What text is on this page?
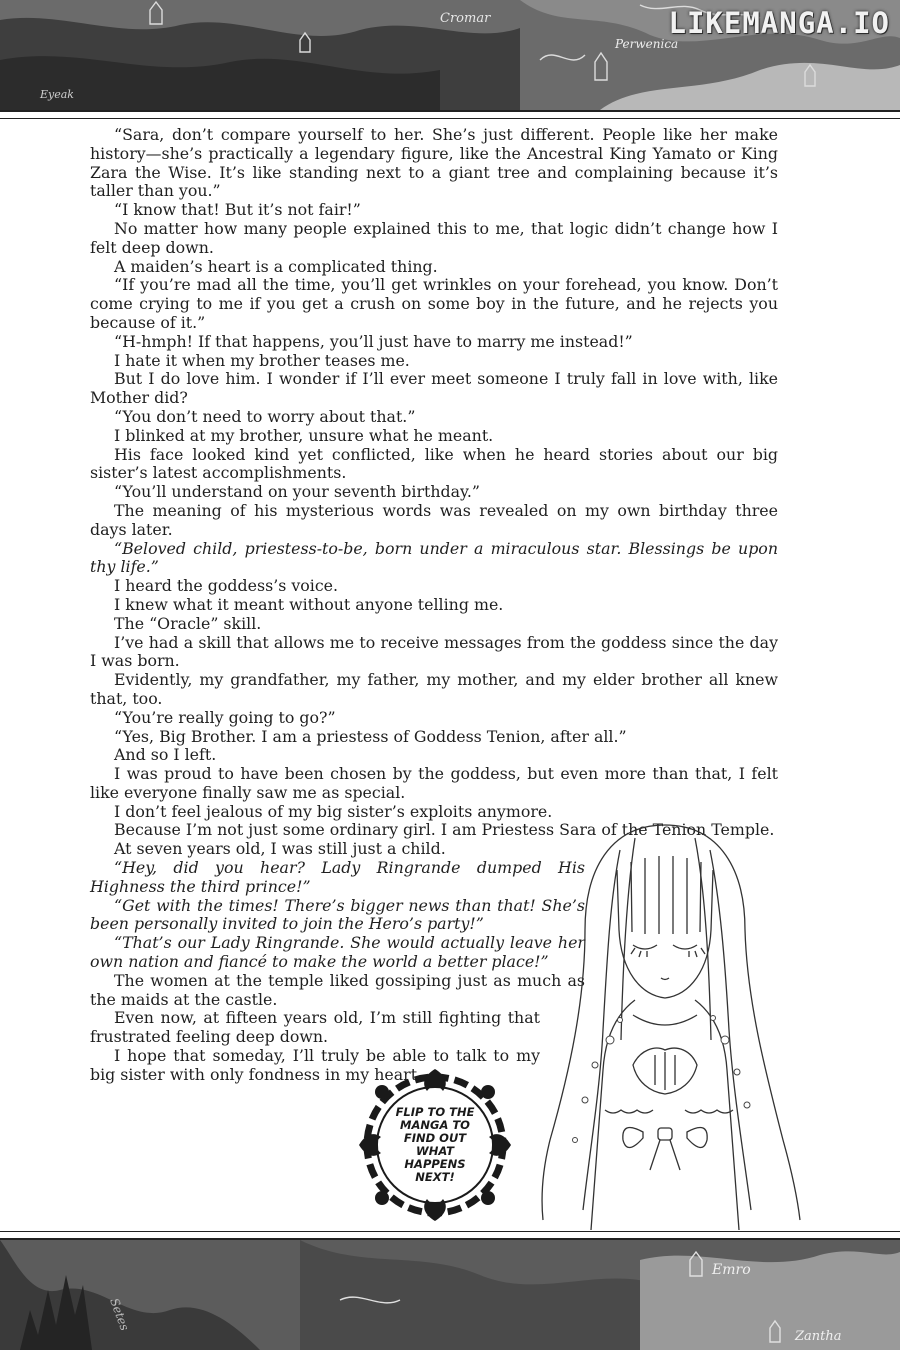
Cromar
Perwenica
Eyeak
LIKEMANGA.IO

“Sara, don’t compare yourself to her. She’s just different. People like her make history—she’s practically a legendary figure, like the Ancestral King Yamato or King Zara the Wise. It’s like standing next to a giant tree and complaining because it’s taller than you.”

“I know that! But it’s not fair!”

No matter how many people explained this to me, that logic didn’t change how I felt deep down.

A maiden’s heart is a complicated thing.

“If you’re mad all the time, you’ll get wrinkles on your forehead, you know. Don’t come crying to me if you get a crush on some boy in the future, and he rejects you because of it.”

“H-hmph! If that happens, you’ll just have to marry me instead!”

I hate it when my brother teases me.

But I do love him. I wonder if I’ll ever meet someone I truly fall in love with, like Mother did?

“You don’t need to worry about that.”

I blinked at my brother, unsure what he meant.

His face looked kind yet conflicted, like when he heard stories about our big sister’s latest accomplishments.

“You’ll understand on your seventh birthday.”

The meaning of his mysterious words was revealed on my own birthday three days later.

“Beloved child, priestess-to-be, born under a miraculous star. Blessings be upon thy life.”

I heard the goddess’s voice.

I knew what it meant without anyone telling me.

The “Oracle” skill.

I’ve had a skill that allows me to receive messages from the goddess since the day I was born.

Evidently, my grandfather, my father, my mother, and my elder brother all knew that, too.

“You’re really going to go?”

“Yes, Big Brother. I am a priestess of Goddess Tenion, after all.”

And so I left.

I was proud to have been chosen by the goddess, but even more than that, I felt like everyone finally saw me as special.

I don’t feel jealous of my big sister’s exploits anymore.

Because I’m not just some ordinary girl. I am Priestess Sara of the Tenion Temple.

At seven years old, I was still just a child.

“Hey, did you hear? Lady Ringrande dumped His Highness the third prince!”

“Get with the times! There’s bigger news than that! She’s been personally invited to join the Hero’s party!”

“That’s our Lady Ringrande. She would actually leave her own nation and fiancé to make the world a better place!”

The women at the temple liked gossiping just as much as the maids at the castle.

Even now, at fifteen years old, I’m still fighting that frustrated feeling deep down.

I hope that someday, I’ll truly be able to talk to my big sister with only fondness in my heart.

FLIP TO THE MANGA TO FIND OUT WHAT HAPPENS NEXT!
Emro
Zantha
Setes
